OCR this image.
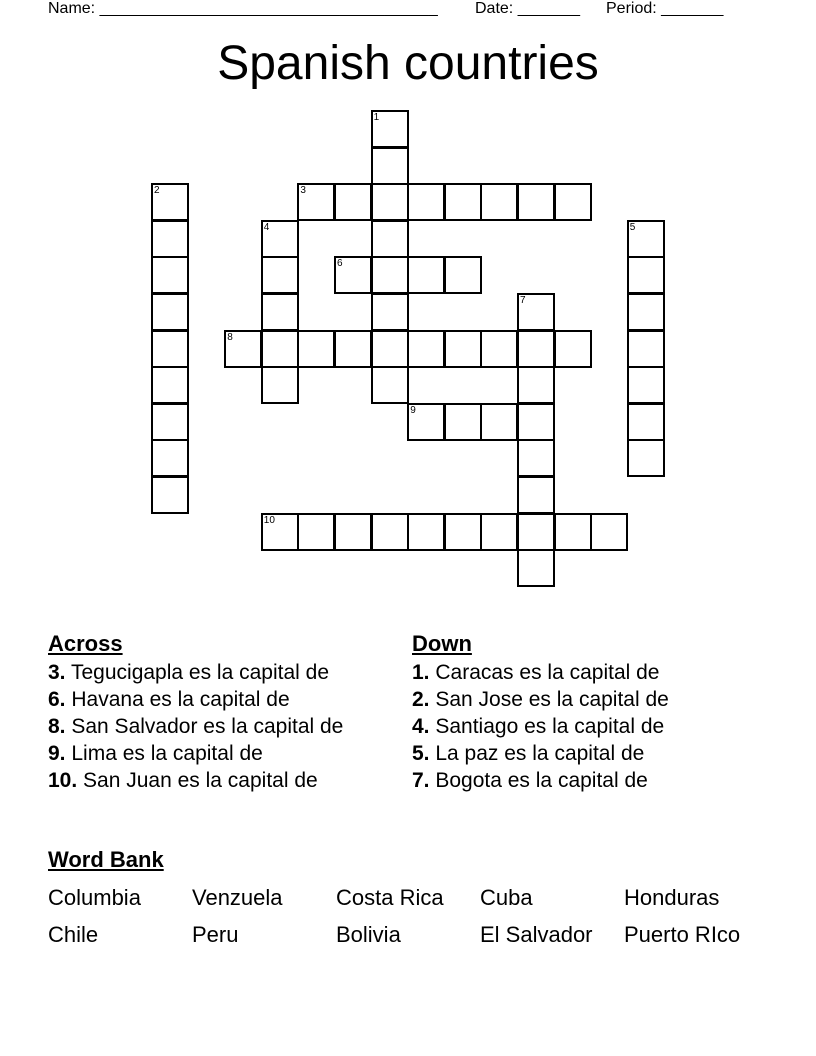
Name: ______________________________________ Date: _______ Period: _______
Spanish countries
1
2	3
4	5
6
7
8
9
10
Across
3. Tegucigapla es la capital de
6. Havana es la capital de
8. San Salvador es la capital de
9. Lima es la capital de
10. San Juan es la capital de
Down
1. Caracas es la capital de
2. San Jose es la capital de
4. Santiago es la capital de
5. La paz es la capital de
7. Bogota es la capital de
Word Bank
Columbia	Venzuela	Costa Rica	Cuba	Honduras
Chile	Peru	Bolivia	El Salvador	Puerto RIco
